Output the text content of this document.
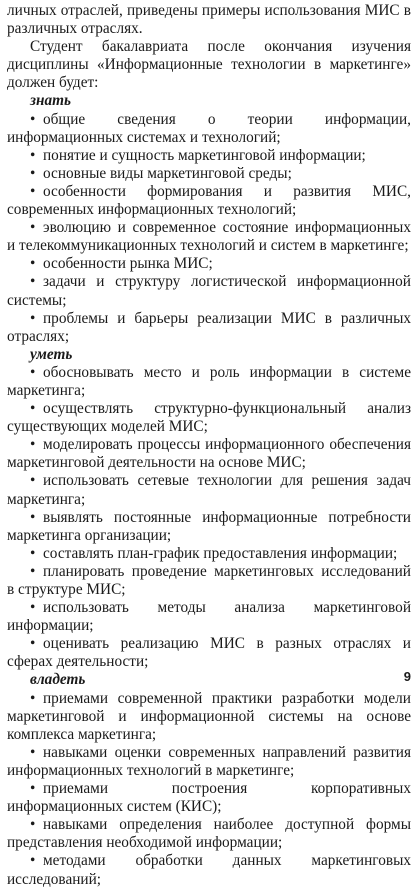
личных отраслей, приведены примеры использования МИС в различных отраслях.

Студент бакалавриата после окончания изучения дисциплины «Информационные технологии в маркетинге» должен будет:

знать

• общие сведения о теории информации, информационных системах и технологий;
• понятие и сущность маркетинговой информации;
• основные виды маркетинговой среды;
• особенности формирования и развития МИС, современных информационных технологий;
• эволюцию и современное состояние информационных и телекоммуникационных технологий и систем в маркетинге;
• особенности рынка МИС;
• задачи и структуру логистической информационной системы;
• проблемы и барьеры реализации МИС в различных отраслях;

уметь

• обосновывать место и роль информации в системе маркетинга;
• осуществлять структурно-функциональный анализ существующих моделей МИС;
• моделировать процессы информационного обеспечения маркетинговой деятельности на основе МИС;
• использовать сетевые технологии для решения задач маркетинга;
• выявлять постоянные информационные потребности маркетинга организации;
• составлять план-график предоставления информации;
• планировать проведение маркетинговых исследований в структуре МИС;
• использовать методы анализа маркетинговой информации;
• оценивать реализацию МИС в разных отраслях и сферах деятельности;

владеть

• приемами современной практики разработки модели маркетинговой и информационной системы на основе комплекса маркетинга;
• навыками оценки современных направлений развития информационных технологий в маркетинге;
• приемами построения корпоративных информационных систем (КИС);
• навыками определения наиболее доступной формы представления необходимой информации;
• методами обработки данных маркетинговых исследований;
9
